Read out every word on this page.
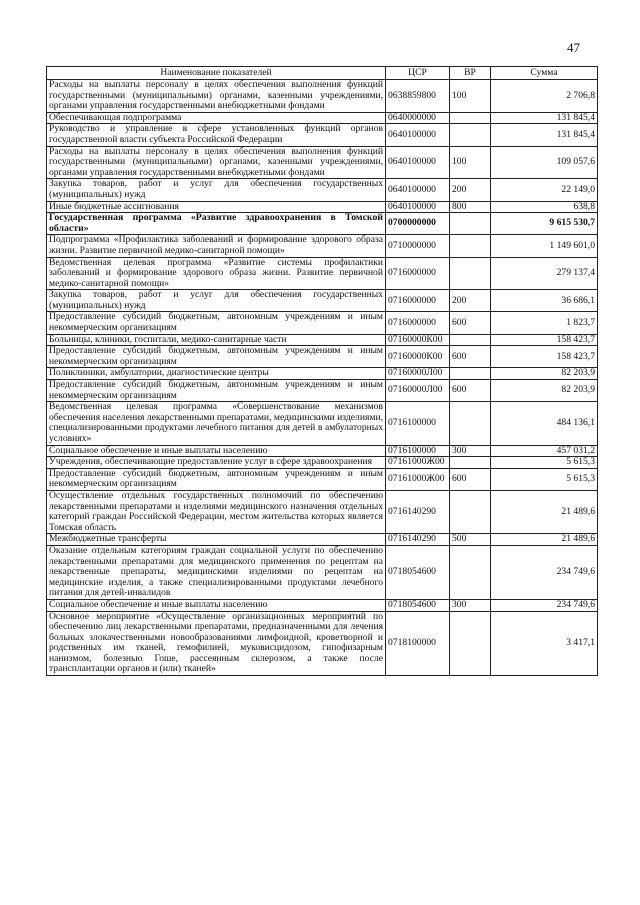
47
Наименование показателей	ЦСР	ВР	Сумма
Расходы на выплаты персоналу в целях обеспечения выполнения функций государственными (муниципальными) органами, казенными учреждениями, органами управления государственными внебюджетными фондами	0638859800	100	2 706,8
Обеспечивающая подпрограмма	0640000000		131 845,4
Руководство и управление в сфере установленных функций органов государственной власти субъекта Российской Федерации	0640100000		131 845,4
Расходы на выплаты персоналу в целях обеспечения выполнения функций государственными (муниципальными) органами, казенными учреждениями, органами управления государственными внебюджетными фондами	0640100000	100	109 057,6
Закупка товаров, работ и услуг для обеспечения государственных (муниципальных) нужд	0640100000	200	22 149,0
Иные бюджетные ассигнования	0640100000	800	638,8
Государственная программа «Развитие здравоохранения в Томской области»	0700000000		9 615 530,7
Подпрограмма «Профилактика заболеваний и формирование здорового образа жизни. Развитие первичной медико-санитарной помощи»	0710000000		1 149 601,0
Ведомственная целевая программа «Развитие системы профилактики заболеваний и формирование здорового образа жизни. Развитие первичной медико-санитарной помощи»	0716000000		279 137,4
Закупка товаров, работ и услуг для обеспечения государственных (муниципальных) нужд	0716000000	200	36 686,1
Предоставление субсидий бюджетным, автономным учреждениям и иным некоммерческим организациям	0716000000	600	1 823,7
Больницы, клиники, госпитали, медико-санитарные части	07160000К00		158 423,7
Предоставление субсидий бюджетным, автономным учреждениям и иным некоммерческим организациям	07160000К00	600	158 423,7
Поликлиники, амбулатории, диагностические центры	07160000Л00		82 203,9
Предоставление субсидий бюджетным, автономным учреждениям и иным некоммерческим организациям	07160000Л00	600	82 203,9
Ведомственная целевая программа «Совершенствование механизмов обеспечения населения лекарственными препаратами, медицинскими изделиями, специализированными продуктами лечебного питания для детей в амбулаторных условиях»	0716100000		484 136,1
Социальное обеспечение и иные выплаты населению	0716100000	300	457 031,2
Учреждения, обеспечивающие предоставление услуг в сфере здравоохранения	07161000Ж00		5 615,3
Предоставление субсидий бюджетным, автономным учреждениям и иным некоммерческим организациям	07161000Ж00	600	5 615,3
Осуществление отдельных государственных полномочий по обеспечению лекарственными препаратами и изделиями медицинского назначения отдельных категорий граждан Российской Федерации, местом жительства которых является Томская область	0716140290		21 489,6
Межбюджетные трансферты	0716140290	500	21 489,6
Оказание отдельным категориям граждан социальной услуги по обеспечению лекарственными препаратами для медицинского применения по рецептам на лекарственные препараты, медицинскими изделиями по рецептам на медицинские изделия, а также специализированными продуктами лечебного питания для детей-инвалидов	0718054600		234 749,6
Социальное обеспечение и иные выплаты населению	0718054600	300	234 749,6
Основное мероприятие «Осуществление организационных мероприятий по обеспечению лиц лекарственными препаратами, предназначенными для лечения больных злокачественными новообразованиями лимфоидной, кроветворной и родственных им тканей, гемофилией, муковисцидозом, гипофизарным нанизмом, болезнью Гоше, рассеянным склерозом, а также после трансплантации органов и (или) тканей»	0718100000		3 417,1
